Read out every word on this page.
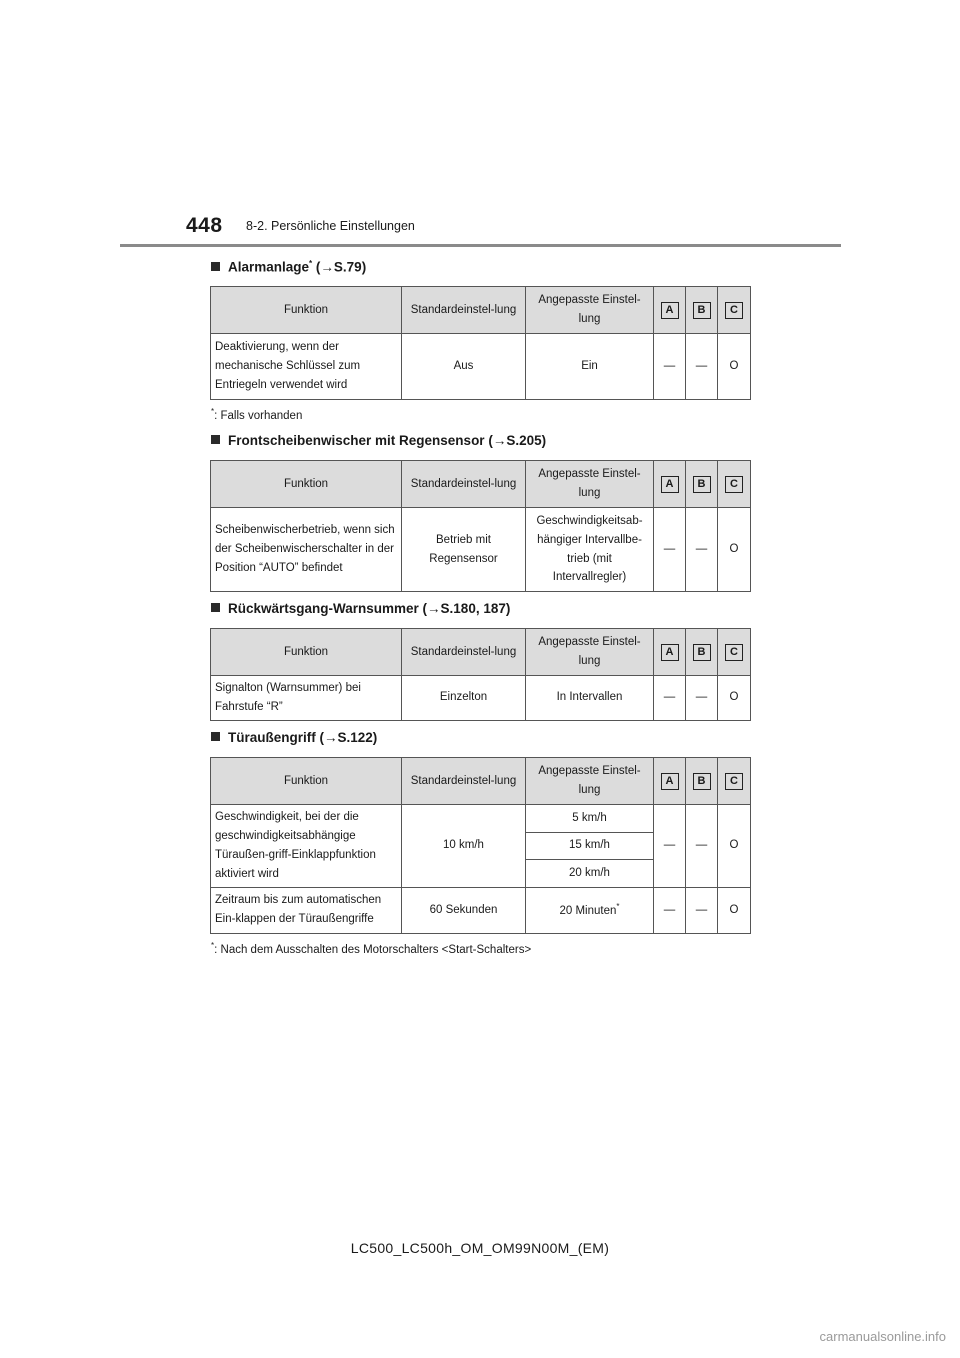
448 8-2. Persönliche Einstellungen
Alarmanlage* (→S.79)
Funktion	Standardeinstel-lung	Angepasste Einstel-lung	A	B	C
Deaktivierung, wenn der mechanische Schlüssel zum Entriegeln verwendet wird	Aus	Ein	—	—	O
*: Falls vorhanden
Frontscheibenwischer mit Regensensor (→S.205)
Funktion	Standardeinstel-lung	Angepasste Einstel-lung	A	B	C
Scheibenwischerbetrieb, wenn sich der Scheibenwischerschalter in der Position “AUTO” befindet	Betrieb mit Regensensor	Geschwindigkeitsab-hängiger Intervallbe-trieb (mit Intervallregler)	—	—	O
Rückwärtsgang-Warnsummer (→S.180, 187)
Funktion	Standardeinstel-lung	Angepasste Einstel-lung	A	B	C
Signalton (Warnsummer) bei Fahrstufe “R”	Einzelton	In Intervallen	—	—	O
Türaußengriff (→S.122)
Funktion	Standardeinstel-lung	Angepasste Einstel-lung	A	B	C
Geschwindigkeit, bei der die geschwindigkeitsabhängige Türaußen-griff-Einklappfunktion aktiviert wird	10 km/h	5 km/h	—	—	O
		15 km/h			
		20 km/h			
Zeitraum bis zum automatischen Ein-klappen der Türaußengriffe	60 Sekunden	20 Minuten*	—	—	O
*: Nach dem Ausschalten des Motorschalters <Start-Schalters>
LC500_LC500h_OM_OM99N00M_(EM)
carmanualsonline.info
